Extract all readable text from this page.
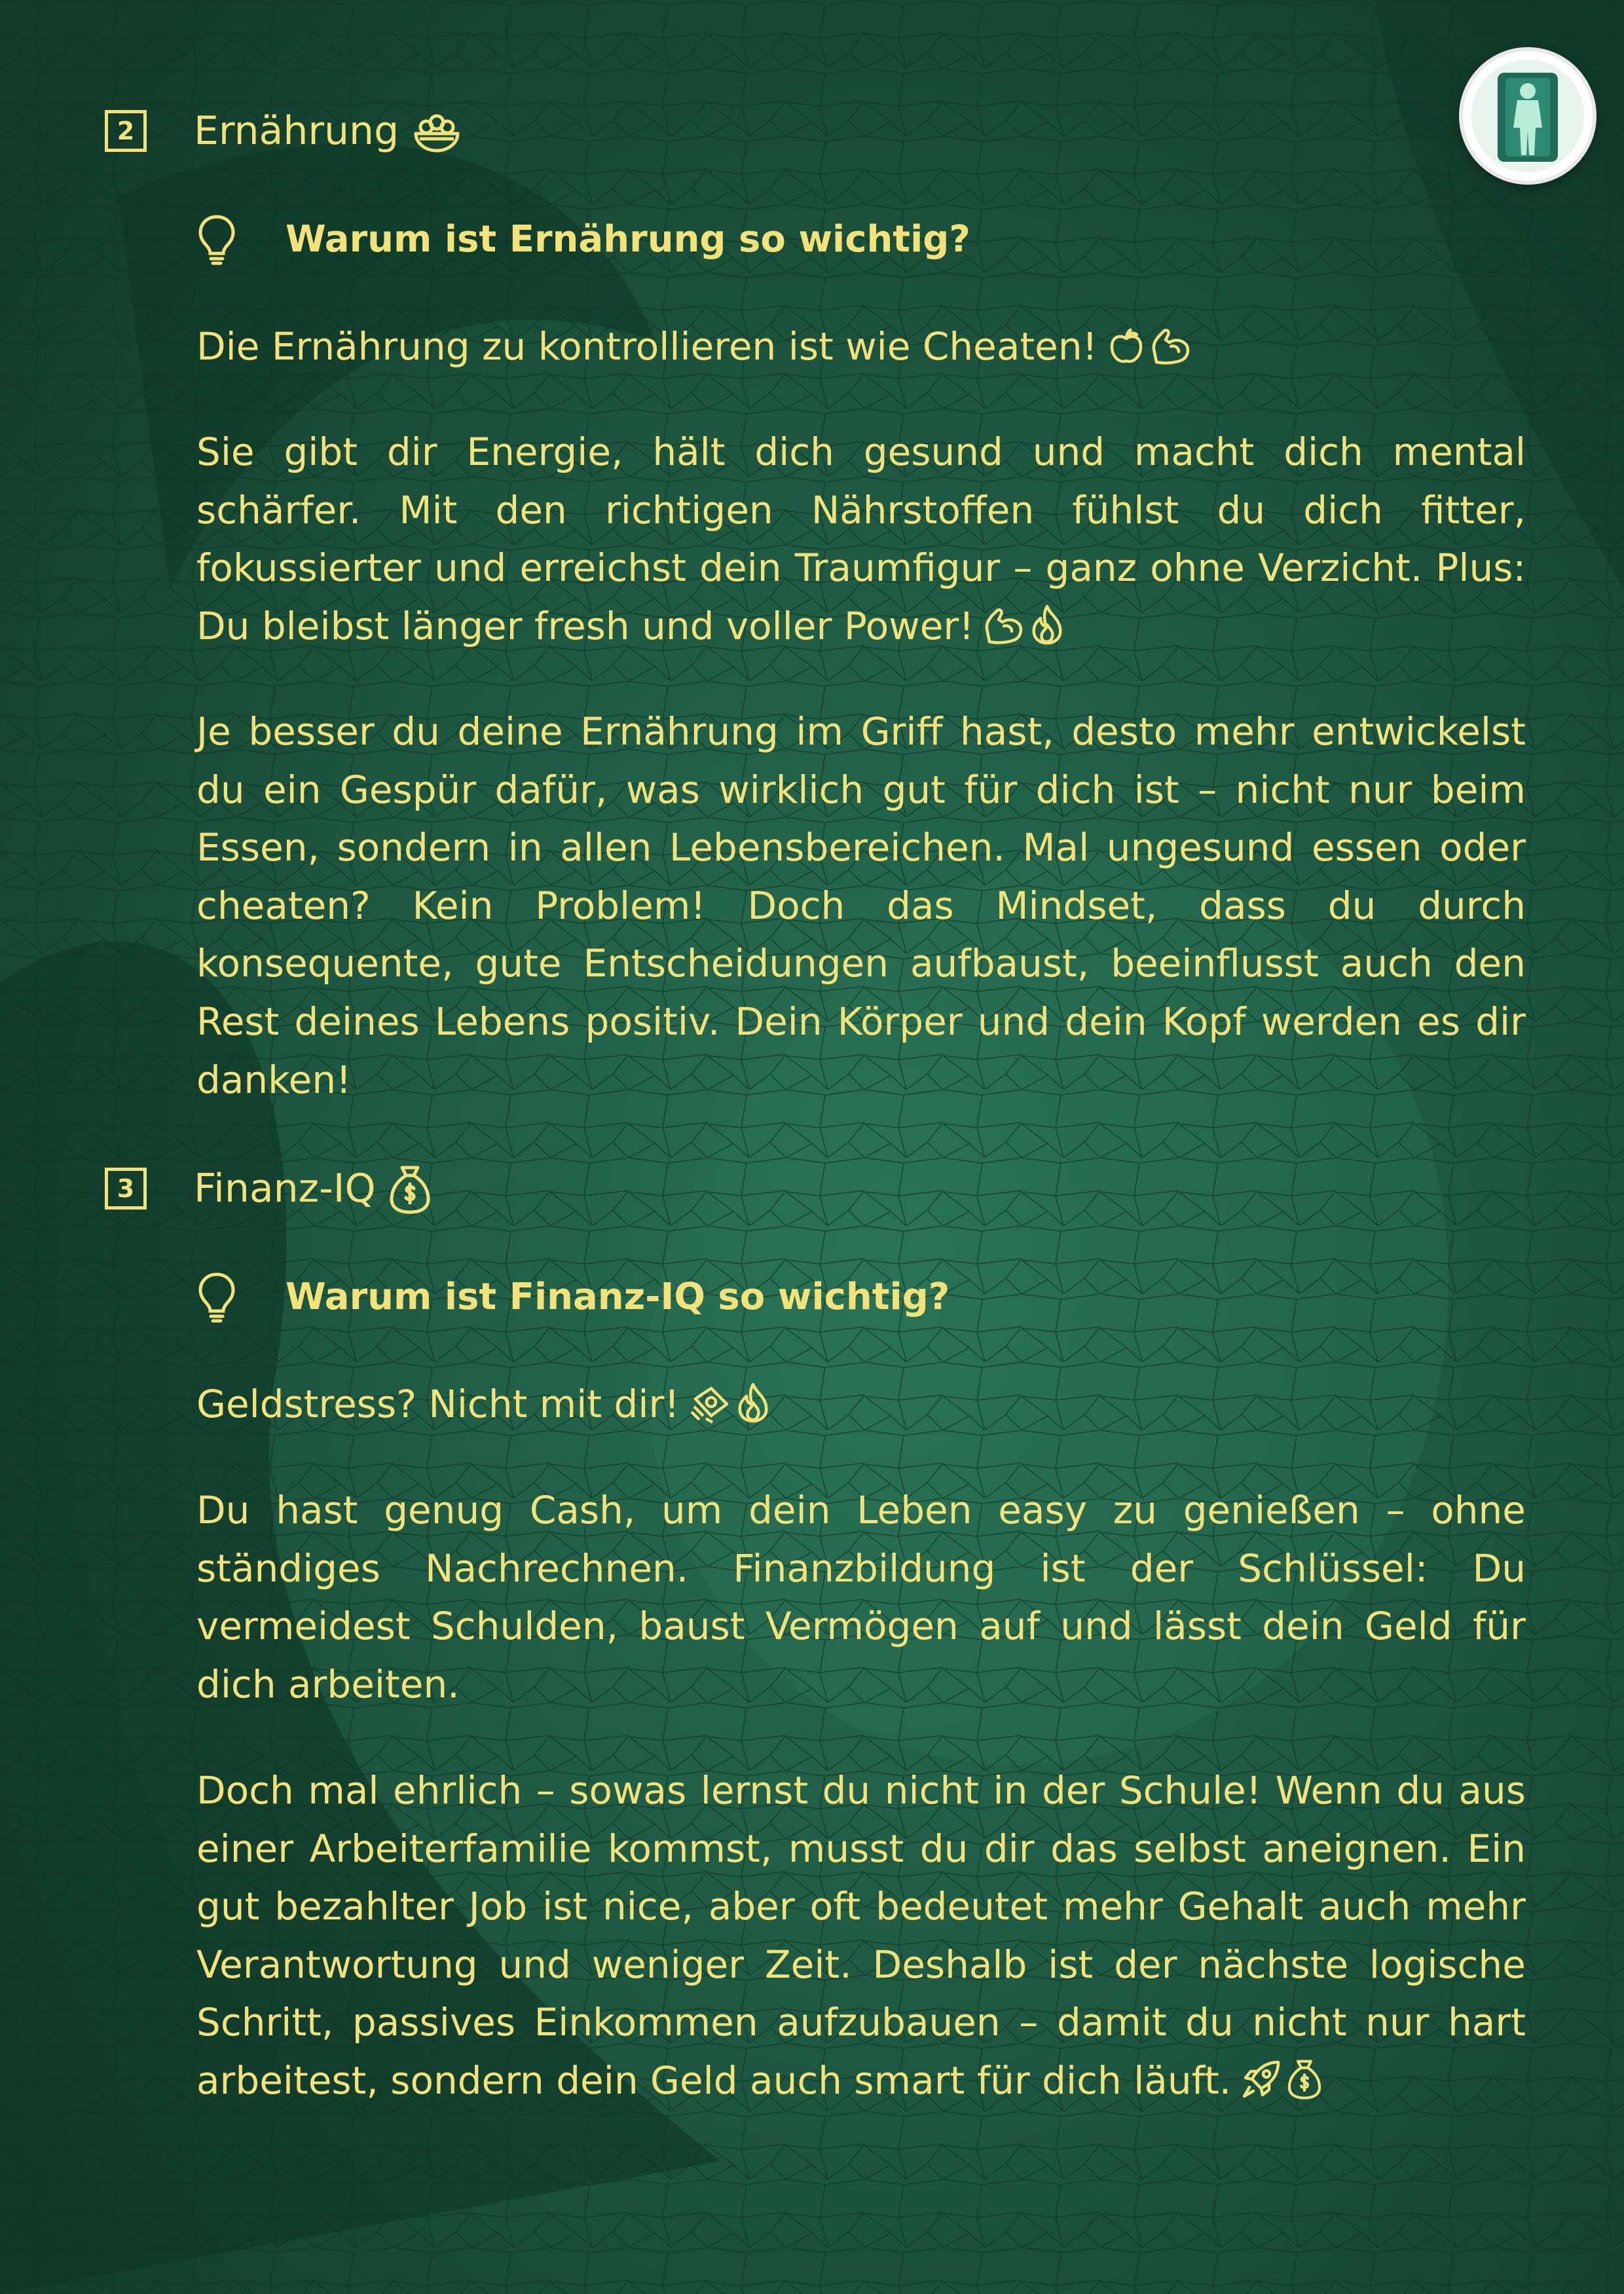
2	Ernährung
Warum ist Ernährung so wichtig?
Die Ernährung zu kontrollieren ist wie Cheaten!
Sie gibt dir Energie, hält dich gesund und macht dich mental schärfer. Mit den richtigen Nährstoffen fühlst du dich fitter, fokussierter und erreichst dein Traumfigur – ganz ohne Verzicht. Plus: Du bleibst länger fresh und voller Power!
Je besser du deine Ernährung im Griff hast, desto mehr entwickelst du ein Gespür dafür, was wirklich gut für dich ist – nicht nur beim Essen, sondern in allen Lebensbereichen. Mal ungesund essen oder cheaten? Kein Problem! Doch das Mindset, dass du durch konsequente, gute Entscheidungen aufbaust, beeinflusst auch den Rest deines Lebens positiv. Dein Körper und dein Kopf werden es dir danken!
3	Finanz-IQ
Warum ist Finanz-IQ so wichtig?
Geldstress? Nicht mit dir!
Du hast genug Cash, um dein Leben easy zu genießen – ohne ständiges Nachrechnen. Finanzbildung ist der Schlüssel: Du vermeidest Schulden, baust Vermögen auf und lässt dein Geld für dich arbeiten.
Doch mal ehrlich – sowas lernst du nicht in der Schule! Wenn du aus einer Arbeiterfamilie kommst, musst du dir das selbst aneignen. Ein gut bezahlter Job ist nice, aber oft bedeutet mehr Gehalt auch mehr Verantwortung und weniger Zeit. Deshalb ist der nächste logische Schritt, passives Einkommen aufzubauen – damit du nicht nur hart arbeitest, sondern dein Geld auch smart für dich läuft.
